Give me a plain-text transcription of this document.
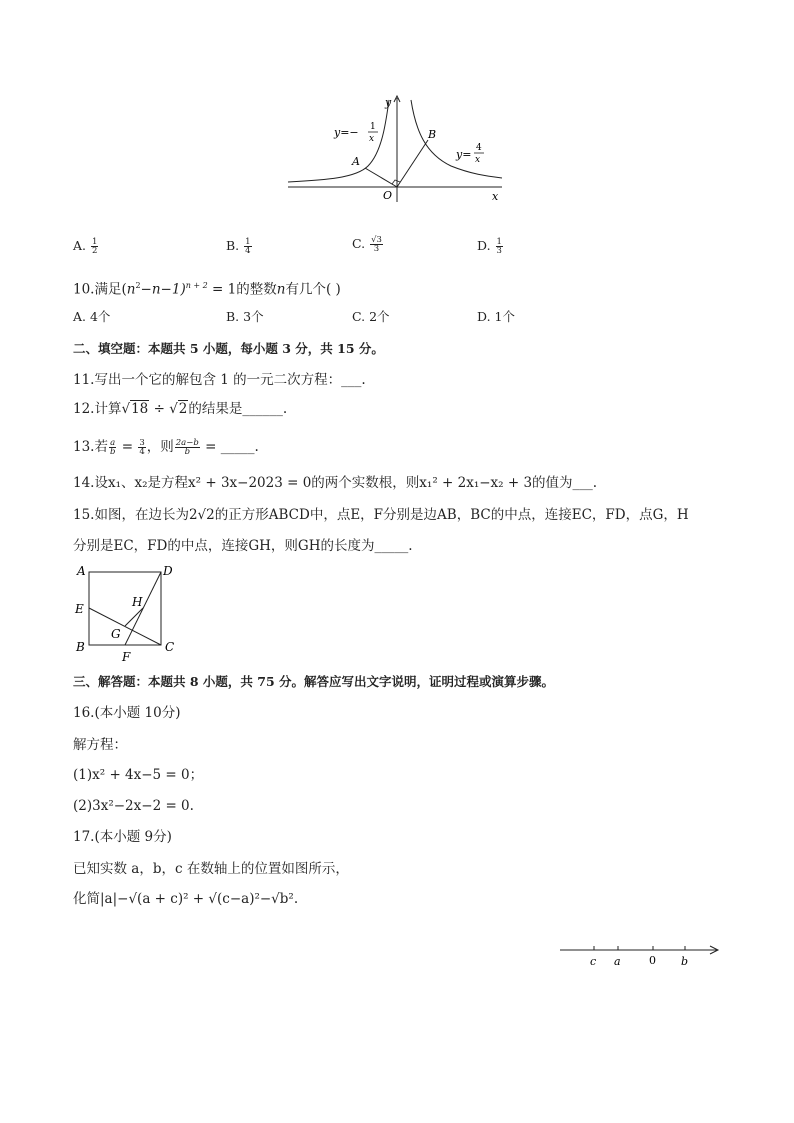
y
x
O
A
B
y=− 1
x
y= 4
x
A. $\frac{1}{2}$	B. $\frac{1}{4}$	C. $\frac{√3}{3}$	D. $\frac{1}{3}$
10.满足$(n^2-n-1)^{n + 2} = 1$的整数n有几个( )
A. 4个	B. 3个	C. 2个	D. 1个
二、填空题：本题共 5 小题，每小题 3 分，共 15 分。
11.写出一个它的解包含 1 的一元二次方程：___.
12.计算√18 ÷ √2的结果是______.
13.若 $\frac{a}{b} = \frac{3}{4}$ ，则 $\frac{2a-b}{b}$ = _____.
14.设x₁、x₂是方程x² + 3x−2023 = 0的两个实数根，则x₁² + 2x₁−x₂ + 3的值为___.
15.如图，在边长为2√2的正方形ABCD中，点E，F分别是边AB，BC的中点，连接EC，FD，点G，H
分别是EC，FD的中点，连接GH，则GH的长度为_____.
A	D
E	H
G
B	C
F
三、解答题：本题共 8 小题，共 75 分。解答应写出文字说明，证明过程或演算步骤。
16.(本小题 10分)
解方程：
(1)x² + 4x−5 = 0；
(2)3x²−2x−2 = 0.
17.(本小题 9分)
已知实数 a，b，c 在数轴上的位置如图所示，
化简|a|−√(a + c)² + √(c−a)²−√b².
c a	0 b
